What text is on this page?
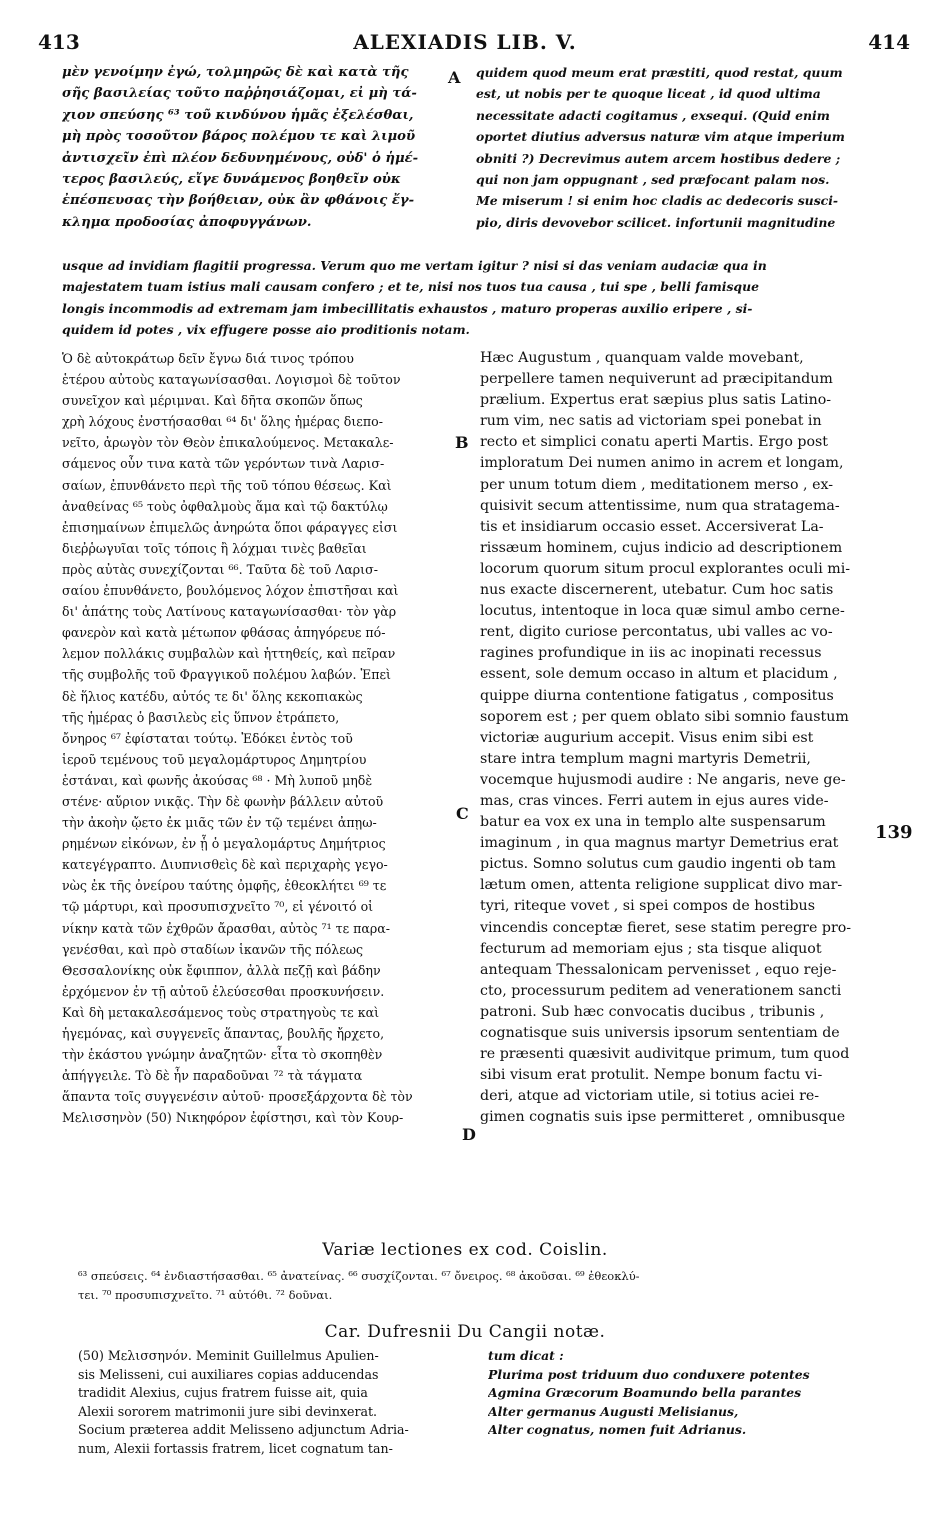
413	ALEXIADIS LIB. V.	414
A
B
C
D
μὲν γενοίμην ἐγώ, τολμηρῶς δὲ καὶ κατὰ τῆς
σῆς βασιλείας τοῦτο παῤῥησιάζομαι, εἰ μὴ τά-
χιον σπεύσης ⁶³ τοῦ κινδύνου ἡμᾶς ἐξελέσθαι,
μὴ πρὸς τοσοῦτον βάρος πολέμου τε καὶ λιμοῦ
ἀντισχεῖν ἐπὶ πλέον δεδυνημένους, οὐδ' ὁ ἡμέ-
τερος βασιλεύς, εἴγε δυνάμενος βοηθεῖν οὐκ
ἐπέσπευσας τὴν βοήθειαν, οὐκ ἂν φθάνοις ἔγ-
κλημα προδοσίας ἀποφυγγάνων.
quidem quod meum erat præstiti, quod restat, quum
est, ut nobis per te quoque liceat , id quod ultima
necessitate adacti cogitamus , exsequi. (Quid enim
oportet diutius adversus naturæ vim atque imperium
obniti ?) Decrevimus autem arcem hostibus dedere ;
qui non jam oppugnant , sed præfocant palam nos.
Me miserum ! si enim hoc cladis ac dedecoris susci-
pio, diris devovebor scilicet. infortunii magnitudine
usque ad invidiam flagitii progressa. Verum quo me vertam igitur ? nisi si das veniam audaciæ qua in
majestatem tuam istius mali causam confero ; et te, nisi nos tuos tua causa , tui spe , belli famisque
longis incommodis ad extremam jam imbecillitatis exhaustos , maturo properas auxilio eripere , si-
quidem id potes , vix effugere posse aio proditionis notam.
Ὁ δὲ αὐτοκράτωρ δεῖν ἔγνω διά τινος τρόπου
ἑτέρου αὐτοὺς καταγωνίσασθαι. Λογισμοὶ δὲ τοῦτον
συνεῖχον καὶ μέριμναι. Καὶ δῆτα σκοπῶν ὅπως
χρὴ λόχους ἐνστήσασθαι ⁶⁴ δι' ὅλης ἡμέρας διεπο-
νεῖτο, ἀρωγὸν τὸν Θεὸν ἐπικαλούμενος. Μετακαλε-
σάμενος οὖν τινα κατὰ τῶν γερόντων τινὰ Λαρισ-
σαίων, ἐπυνθάνετο περὶ τῆς τοῦ τόπου θέσεως. Καὶ
ἀναθείνας ⁶⁵ τοὺς ὀφθαλμοὺς ἅμα καὶ τῷ δακτύλῳ
ἐπισημαίνων ἐπιμελῶς ἀνηρώτα ὅποι φάραγγες εἰσι
διεῤῥωγυῖαι τοῖς τόποις ἢ λόχμαι τινὲς βαθεῖαι
πρὸς αὐτὰς συνεχίζονται ⁶⁶. Ταῦτα δὲ τοῦ Λαρισ-
σαίου ἐπυνθάνετο, βουλόμενος λόχον ἐπιστῆσαι καὶ
δι' ἀπάτης τοὺς Λατίνους καταγωνίσασθαι· τὸν γὰρ
φανερὸν καὶ κατὰ μέτωπον φθάσας ἀπηγόρευε πό-
λεμον πολλάκις συμβαλὼν καὶ ἡττηθείς, καὶ πεῖραν
τῆς συμβολῆς τοῦ Φραγγικοῦ πολέμου λαβών. Ἐπεὶ
δὲ ἥλιος κατέδυ, αὐτός τε δι' ὅλης κεκοπιακὼς
τῆς ἡμέρας ὁ βασιλεὺς εἰς ὕπνον ἐτράπετο,
ὄνηρος ⁶⁷ ἐφίσταται τούτῳ. Ἐδόκει ἐντὸς τοῦ
ἱεροῦ τεμένους τοῦ μεγαλομάρτυρος Δημητρίου
ἑστάναι, καὶ φωνῆς ἀκούσας ⁶⁸ · Μὴ λυποῦ μηδὲ
στένε· αὔριον νικᾷς. Τὴν δὲ φωνὴν βάλλειν αὐτοῦ
τὴν ἀκοὴν ᾤετο ἐκ μιᾶς τῶν ἐν τῷ τεμένει ἀπῃω-
ρημένων εἰκόνων, ἐν ᾗ ὁ μεγαλομάρτυς Δημήτριος
κατεγέγραπτο. Διυπνισθεὶς δὲ καὶ περιχαρὴς γεγο-
νὼς ἐκ τῆς ὀνείρου ταύτης ὀμφῆς, ἐθεοκλήτει ⁶⁹ τε
τῷ μάρτυρι, καὶ προσυπισχνεῖτο ⁷⁰, εἰ γένοιτό οἱ
νίκην κατὰ τῶν ἐχθρῶν ἄρασθαι, αὐτὸς ⁷¹ τε παρα-
γενέσθαι, καὶ πρὸ σταδίων ἱκανῶν τῆς πόλεως
Θεσσαλονίκης οὐκ ἔφιππον, ἀλλὰ πεζῇ καὶ βάδην
ἐρχόμενον ἐν τῇ αὐτοῦ ἐλεύσεσθαι προσκυνήσειν.
Καὶ δὴ μετακαλεσάμενος τοὺς στρατηγοὺς τε καὶ
ἡγεμόνας, καὶ συγγενεῖς ἅπαντας, βουλῆς ἤρχετο,
τὴν ἑκάστου γνώμην ἀναζητῶν· εἶτα τὸ σκοπηθὲν
ἀπήγγειλε. Τὸ δὲ ἦν παραδοῦναι ⁷² τὰ τάγματα
ἅπαντα τοῖς συγγενέσιν αὐτοῦ· προσεξάρχοντα δὲ τὸν
Μελισσηνὸν (50) Νικηφόρον ἐφίστησι, καὶ τὸν Κουρ-
Hæc Augustum , quanquam valde movebant,
perpellere tamen nequiverunt ad præcipitandum
prælium. Expertus erat sæpius plus satis Latino-
rum vim, nec satis ad victoriam spei ponebat in
recto et simplici conatu aperti Martis. Ergo post
imploratum Dei numen animo in acrem et longam,
per unum totum diem , meditationem merso , ex-
quisivit secum attentissime, num qua stratagema-
tis et insidiarum occasio esset. Accersiverat La-
rissæum hominem, cujus indicio ad descriptionem
locorum quorum situm procul explorantes oculi mi-
nus exacte discernerent, utebatur. Cum hoc satis
locutus, intentoque in loca quæ simul ambo cerne-
rent, digito curiose percontatus, ubi valles ac vo-
ragines profundique in iis ac inopinati recessus
essent, sole demum occaso in altum et placidum ,
quippe diurna contentione fatigatus , compositus
soporem est ; per quem oblato sibi somnio faustum
victoriæ augurium accepit. Visus enim sibi est
stare intra templum magni martyris Demetrii,
vocemque hujusmodi audire : Ne angaris, neve ge-
mas, cras vinces. Ferri autem in ejus aures vide-
batur ea vox ex una in templo alte suspensarum
imaginum , in qua magnus martyr Demetrius erat
pictus. Somno solutus cum gaudio ingenti ob tam
lætum omen, attenta religione supplicat divo mar-
tyri, riteque vovet , si spei compos de hostibus
vincendis conceptæ fieret, sese statim peregre pro-
fecturum ad memoriam ejus ; sta tisque aliquot
antequam Thessalonicam pervenisset , equo reje-
cto, processurum peditem ad venerationem sancti
patroni. Sub hæc convocatis ducibus , tribunis ,
cognatisque suis universis ipsorum sententiam de
re præsenti quæsivit audivitque primum, tum quod
sibi visum erat protulit. Nempe bonum factu vi-
deri, atque ad victoriam utile, si totius aciei re-
gimen cognatis suis ipse permitteret , omnibusque
139
Variæ lectiones ex cod. Coislin.
⁶³ σπεύσεις. ⁶⁴ ἐνδιαστήσασθαι. ⁶⁵ ἀνατείνας. ⁶⁶ συσχίζονται. ⁶⁷ ὄνειρος. ⁶⁸ ἀκοῦσαι. ⁶⁹ ἐθεοκλύ-
τει. ⁷⁰ προσυπισχνεῖτο. ⁷¹ αὐτόθι. ⁷² δοῦναι.
Car. Dufresnii Du Cangii notæ.
(50) Μελισσηνόν. Meminit Guillelmus Apulien-
sis Melisseni, cui auxiliares copias adducendas
tradidit Alexius, cujus fratrem fuisse ait, quia
Alexii sororem matrimonii jure sibi devinxerat.
Socium præterea addit Melisseno adjunctum Adria-
num, Alexii fortassis fratrem, licet cognatum tan-
tum dicat :
Plurima post triduum duo conduxere potentes
Agmina Græcorum Boamundo bella parantes
Alter germanus Augusti Melisianus,
Alter cognatus, nomen fuit Adrianus.
